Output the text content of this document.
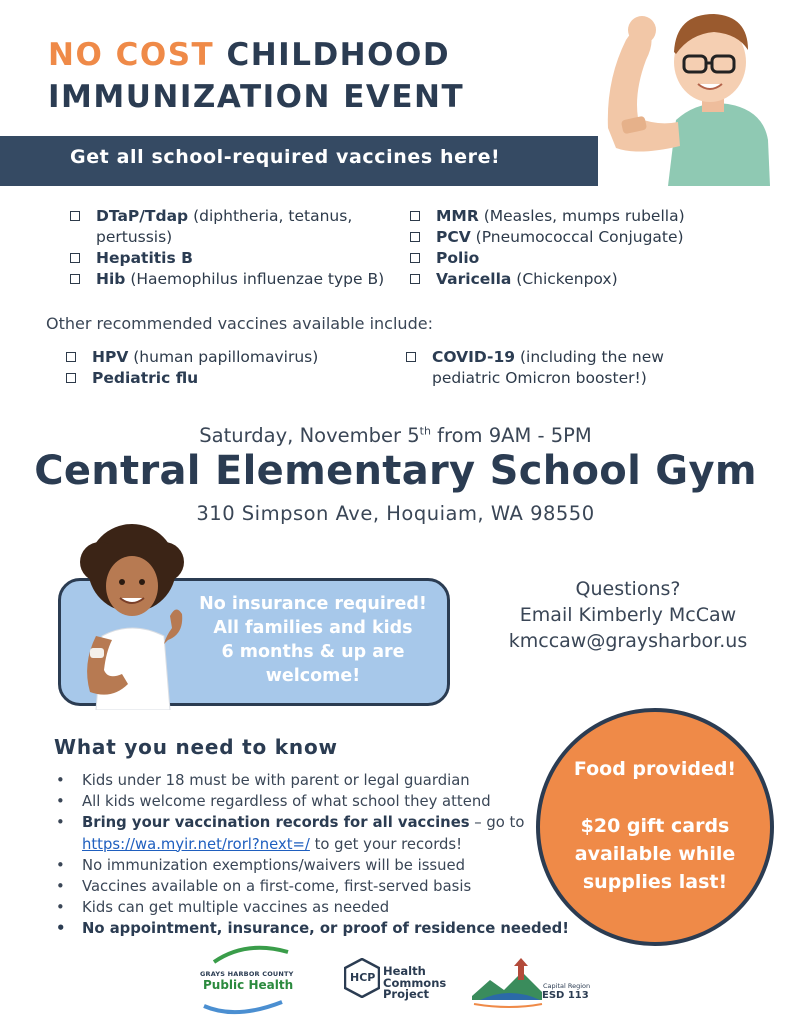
NO COST CHILDHOOD
IMMUNIZATION EVENT
Get all school-required vaccines here!
DTaP/Tdap (diphtheria, tetanus, pertussis)
Hepatitis B
Hib (Haemophilus influenzae type B)
MMR (Measles, mumps rubella)
PCV (Pneumococcal Conjugate)
Polio
Varicella (Chickenpox)
Other recommended vaccines available include:
HPV (human papillomavirus)
Pediatric flu
COVID-19 (including the new pediatric Omicron booster!)
Saturday, November 5th from 9AM - 5PM
Central Elementary School Gym
310 Simpson Ave, Hoquiam, WA 98550
No insurance required!
All families and kids
6 months & up are
welcome!
Questions?
Email Kimberly McCaw
kmccaw@graysharbor.us
What you need to know
• Kids under 18 must be with parent or legal guardian
• All kids welcome regardless of what school they attend
• Bring your vaccination records for all vaccines – go to https://wa.myir.net/rorl?next=/ to get your records!
• No immunization exemptions/waivers will be issued
• Vaccines available on a first-come, first-served basis
• Kids can get multiple vaccines as needed
• No appointment, insurance, or proof of residence needed!
Food provided!
$20 gift cards
available while
supplies last!
GRAYS HARBOR COUNTY
Public Health
HCP Health
Commons
Project
Capital Region
ESD 113
